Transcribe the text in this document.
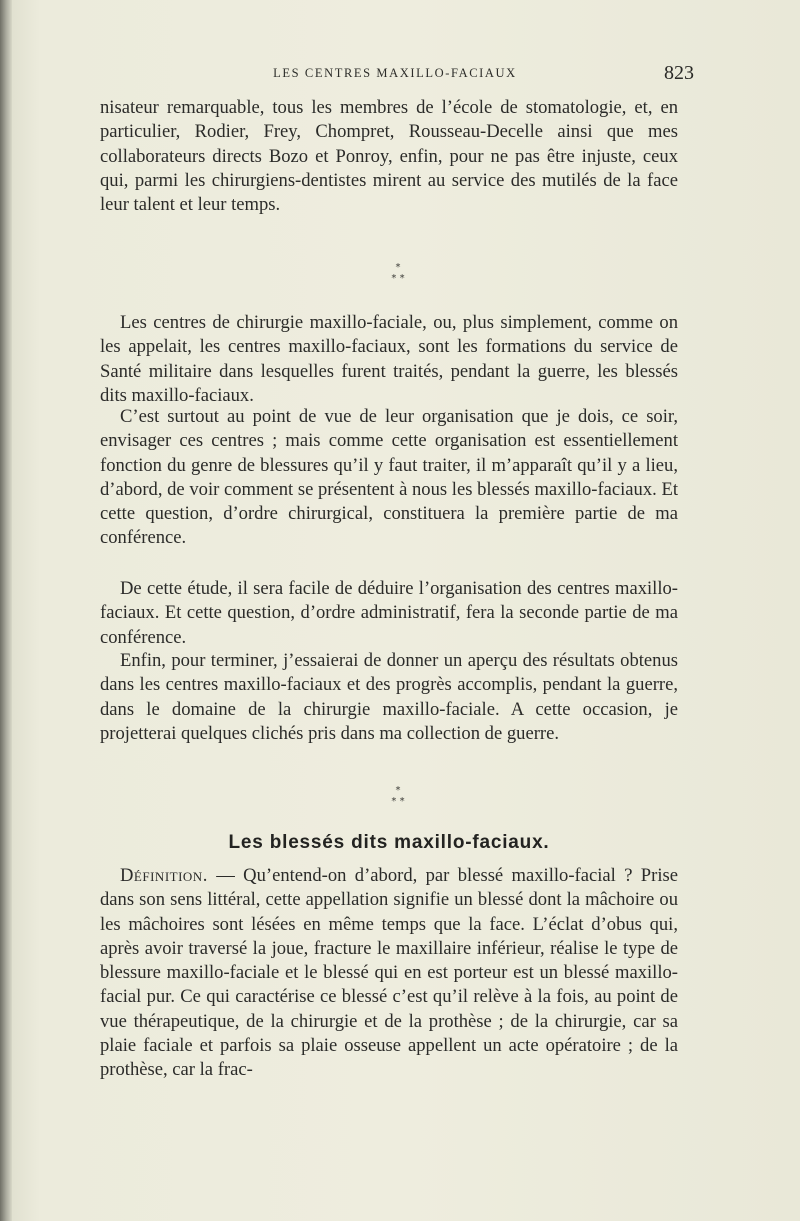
LES CENTRES MAXILLO-FACIAUX	823

nisateur remarquable, tous les membres de l’école de stomatologie, et, en particulier, Rodier, Frey, Chompret, Rousseau-Decelle ainsi que mes collaborateurs directs Bozo et Ponroy, enfin, pour ne pas être injuste, ceux qui, parmi les chirurgiens-dentistes mirent au service des mutilés de la face leur talent et leur temps.

*
* *

Les centres de chirurgie maxillo-faciale, ou, plus simplement, comme on les appelait, les centres maxillo-faciaux, sont les formations du service de Santé militaire dans lesquelles furent traités, pendant la guerre, les blessés dits maxillo-faciaux.

C’est surtout au point de vue de leur organisation que je dois, ce soir, envisager ces centres ; mais comme cette organisation est essentiellement fonction du genre de blessures qu’il y faut traiter, il m’apparaît qu’il y a lieu, d’abord, de voir comment se présentent à nous les blessés maxillo-faciaux. Et cette question, d’ordre chirurgical, constituera la première partie de ma conférence.

De cette étude, il sera facile de déduire l’organisation des centres maxillo-faciaux. Et cette question, d’ordre administratif, fera la seconde partie de ma conférence.

Enfin, pour terminer, j’essaierai de donner un aperçu des résultats obtenus dans les centres maxillo-faciaux et des progrès accomplis, pendant la guerre, dans le domaine de la chirurgie maxillo-faciale. A cette occasion, je projetterai quelques clichés pris dans ma collection de guerre.

*
* *
Les blessés dits maxillo-faciaux.

Définition. — Qu’entend-on d’abord, par blessé maxillo-facial ? Prise dans son sens littéral, cette appellation signifie un blessé dont la mâchoire ou les mâchoires sont lésées en même temps que la face. L’éclat d’obus qui, après avoir traversé la joue, fracture le maxillaire inférieur, réalise le type de blessure maxillo-faciale et le blessé qui en est porteur est un blessé maxillo-facial pur. Ce qui caractérise ce blessé c’est qu’il relève à la fois, au point de vue thérapeutique, de la chirurgie et de la prothèse ; de la chirurgie, car sa plaie faciale et parfois sa plaie osseuse appellent un acte opératoire ; de la prothèse, car la frac-
